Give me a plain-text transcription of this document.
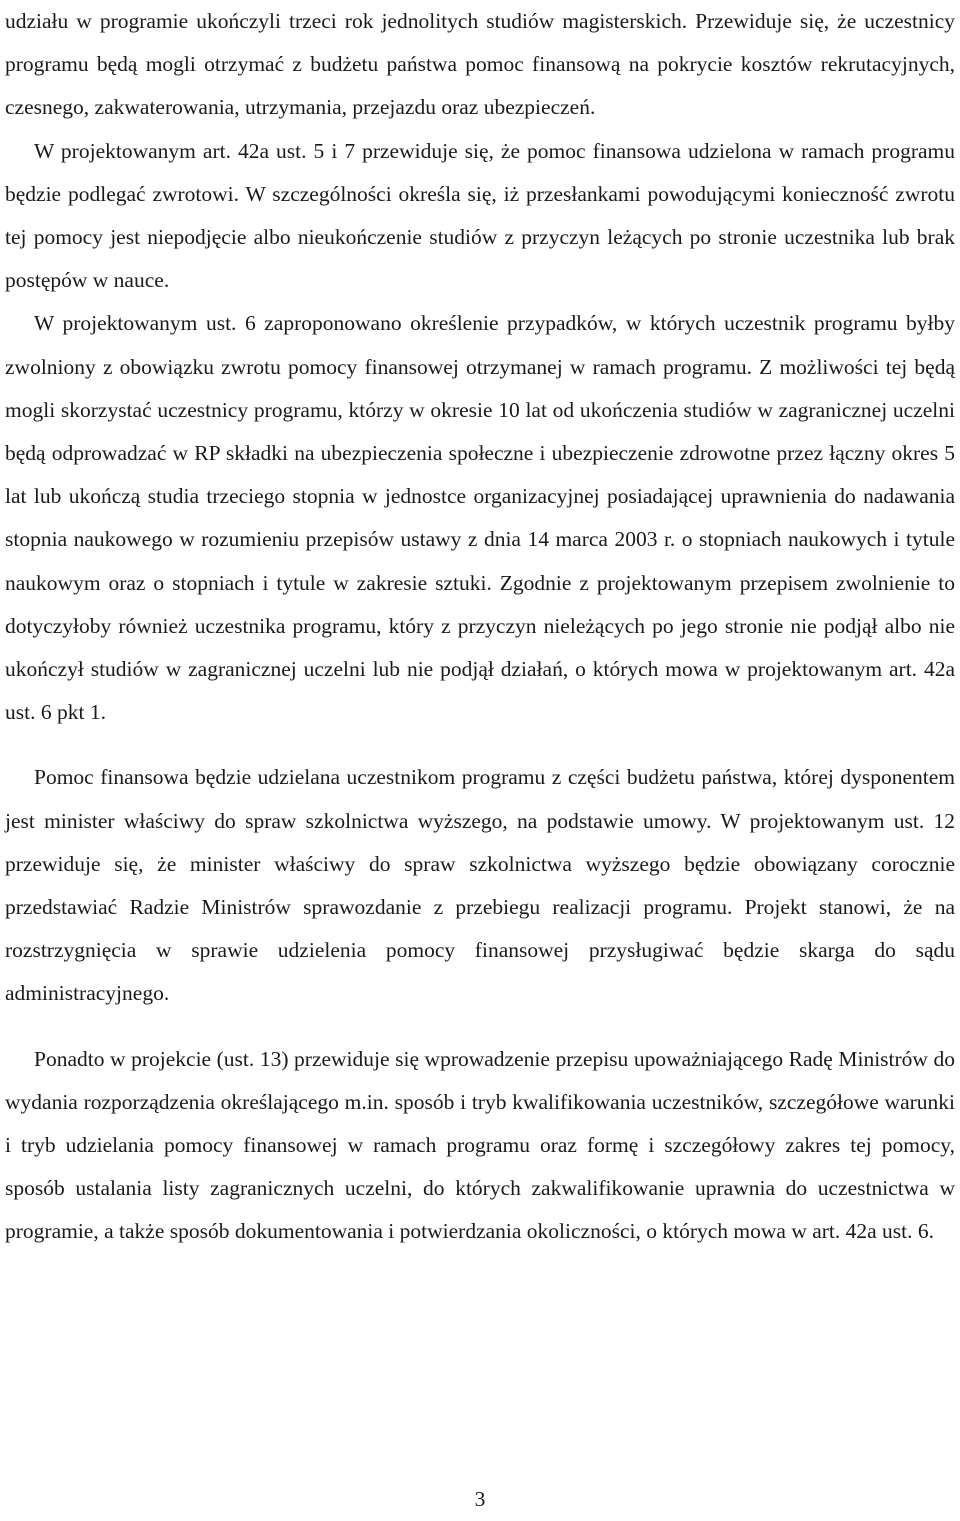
udziału w programie ukończyli trzeci rok jednolitych studiów magisterskich. Przewiduje się, że uczestnicy programu będą mogli otrzymać z budżetu państwa pomoc finansową na pokrycie kosztów rekrutacyjnych, czesnego, zakwaterowania, utrzymania, przejazdu oraz ubezpieczeń.

W projektowanym art. 42a ust. 5 i 7 przewiduje się, że pomoc finansowa udzielona w ramach programu będzie podlegać zwrotowi. W szczególności określa się, iż przesłankami powodującymi konieczność zwrotu tej pomocy jest niepodjęcie albo nieukończenie studiów z przyczyn leżących po stronie uczestnika lub brak postępów w nauce.

W projektowanym ust. 6 zaproponowano określenie przypadków, w których uczestnik programu byłby zwolniony z obowiązku zwrotu pomocy finansowej otrzymanej w ramach programu. Z możliwości tej będą mogli skorzystać uczestnicy programu, którzy w okresie 10 lat od ukończenia studiów w zagranicznej uczelni będą odprowadzać w RP składki na ubezpieczenia społeczne i ubezpieczenie zdrowotne przez łączny okres 5 lat lub ukończą studia trzeciego stopnia w jednostce organizacyjnej posiadającej uprawnienia do nadawania stopnia naukowego w rozumieniu przepisów ustawy z dnia 14 marca 2003 r. o stopniach naukowych i tytule naukowym oraz o stopniach i tytule w zakresie sztuki. Zgodnie z projektowanym przepisem zwolnienie to dotyczyłoby również uczestnika programu, który z przyczyn nieleżących po jego stronie nie podjął albo nie ukończył studiów w zagranicznej uczelni lub nie podjął działań, o których mowa w projektowanym art. 42a ust. 6 pkt 1.

Pomoc finansowa będzie udzielana uczestnikom programu z części budżetu państwa, której dysponentem jest minister właściwy do spraw szkolnictwa wyższego, na podstawie umowy. W projektowanym ust. 12 przewiduje się, że minister właściwy do spraw szkolnictwa wyższego będzie obowiązany corocznie przedstawiać Radzie Ministrów sprawozdanie z przebiegu realizacji programu. Projekt stanowi, że na rozstrzygnięcia w sprawie udzielenia pomocy finansowej przysługiwać będzie skarga do sądu administracyjnego.

Ponadto w projekcie (ust. 13) przewiduje się wprowadzenie przepisu upoważniającego Radę Ministrów do wydania rozporządzenia określającego m.in. sposób i tryb kwalifikowania uczestników, szczegółowe warunki i tryb udzielania pomocy finansowej w ramach programu oraz formę i szczegółowy zakres tej pomocy, sposób ustalania listy zagranicznych uczelni, do których zakwalifikowanie uprawnia do uczestnictwa w programie, a także sposób dokumentowania i potwierdzania okoliczności, o których mowa w art. 42a ust. 6.

3
